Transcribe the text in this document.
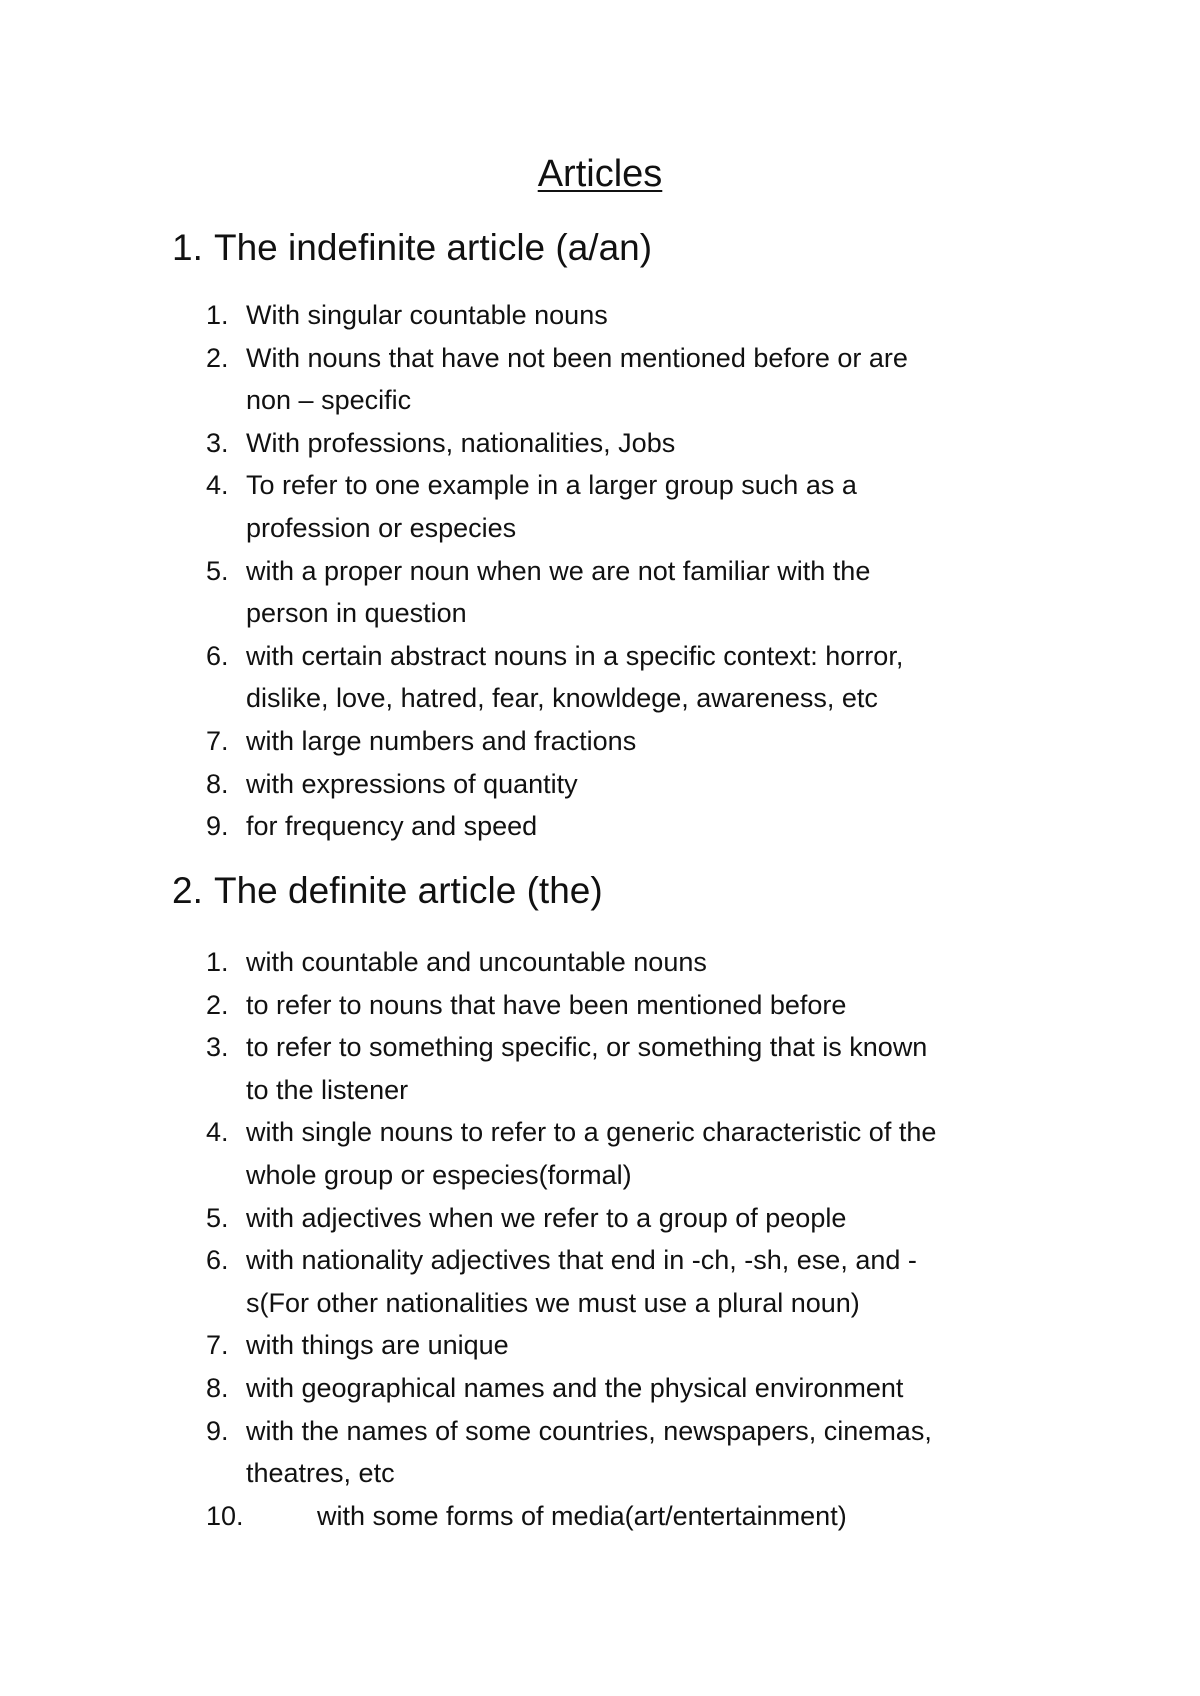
Articles
1. The indefinite article (a/an)
1. With singular countable nouns
2. With nouns that have not been mentioned before or are
non – specific
3. With professions, nationalities, Jobs
4. To refer to one example in a larger group such as a
profession or especies
5. with a proper noun when we are not familiar with the
person in question
6. with certain abstract nouns in a specific context: horror,
dislike, love, hatred, fear, knowldege, awareness, etc
7. with large numbers and fractions
8. with expressions of quantity
9. for frequency and speed
2. The definite article (the)
1. with countable and uncountable nouns
2. to refer to nouns that have been mentioned before
3. to refer to something specific, or something that is known
to the listener
4. with single nouns to refer to a generic characteristic of the
whole group or especies(formal)
5. with adjectives when we refer to a group of people
6. with nationality adjectives that end in -ch, -sh, ese, and -
s(For other nationalities we must use a plural noun)
7. with things are unique
8. with geographical names and the physical environment
9. with the names of some countries, newspapers, cinemas,
theatres, etc
10.	with some forms of media(art/entertainment)
